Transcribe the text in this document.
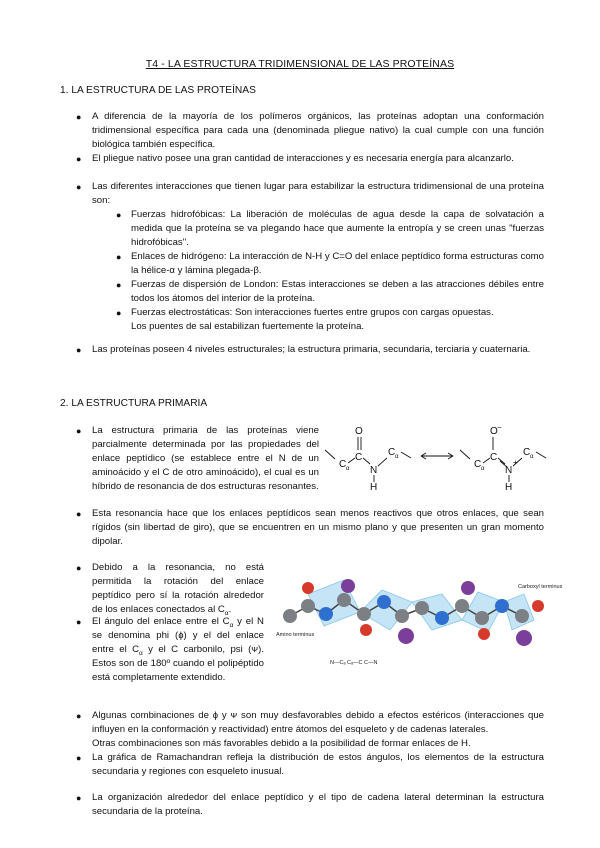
T4 - LA ESTRUCTURA TRIDIMENSIONAL DE LAS PROTEÍNAS
1. LA ESTRUCTURA DE LAS PROTEÍNAS
● A diferencia de la mayoría de los polímeros orgánicos, las proteínas adoptan una conformación tridimensional específica para cada una (denominada pliegue nativo) la cual cumple con una función biológica también específica.
● El pliegue nativo posee una gran cantidad de interacciones y es necesaria energía para alcanzarlo.
● Las diferentes interacciones que tienen lugar para estabilizar la estructura tridimensional de una proteína son:
● Fuerzas hidrofóbicas: La liberación de moléculas de agua desde la capa de solvatación a medida que la proteína se va plegando hace que aumente la entropía y se creen unas "fuerzas hidrofóbicas".
● Enlaces de hidrógeno: La interacción de N-H y C=O del enlace peptídico forma estructuras como la hélice-α y lámina plegada-β.
● Fuerzas de dispersión de London: Estas interacciones se deben a las atracciones débiles entre todos los átomos del interior de la proteína.
● Fuerzas electrostáticas: Son interacciones fuertes entre grupos con cargas opuestas.
Los puentes de sal estabilizan fuertemente la proteína.
● Las proteínas poseen 4 niveles estructurales; la estructura primaria, secundaria, terciaria y cuaternaria.
2. LA ESTRUCTURA PRIMARIA
● La estructura primaria de las proteínas viene parcialmente determinada por las propiedades del enlace peptídico (se establece entre el N de un aminoácido y el C de otro aminoácido), el cual es un híbrido de resonancia de dos estructuras resonantes.
O
C
C α N
H
C α
O −
C
C α N
+
H
C α
● Esta resonancia hace que los enlaces peptídicos sean menos reactivos que otros enlaces, que sean rígidos (sin libertad de giro), que se encuentren en un mismo plano y que presenten un gran momento dipolar.
● Debido a la resonancia, no está permitida la rotación del enlace peptídico pero sí la rotación alrededor de los enlaces conectados al $C_\alpha$.
● El ángulo del enlace entre el $C_\alpha$ y el N se denomina phi (ɸ) y el del enlace entre el $C_\alpha$ y el C carbonilo, psi (ᴪ). Estos son de 180º cuando el polipéptido está completamente extendido.
Amino terminus
Carboxyl terminus
N—Cₐ Cₐ—C C—N
● Algunas combinaciones de ɸ y ᴪ son muy desfavorables debido a efectos estéricos (interacciones que influyen en la conformación y reactividad) entre átomos del esqueleto y de cadenas laterales.
Otras combinaciones son más favorables debido a la posibilidad de formar enlaces de H.
● La gráfica de Ramachandran refleja la distribución de estos ángulos, los elementos de la estructura secundaria y regiones con esqueleto inusual.
● La organización alrededor del enlace peptídico y el tipo de cadena lateral determinan la estructura secundaria de la proteína.
